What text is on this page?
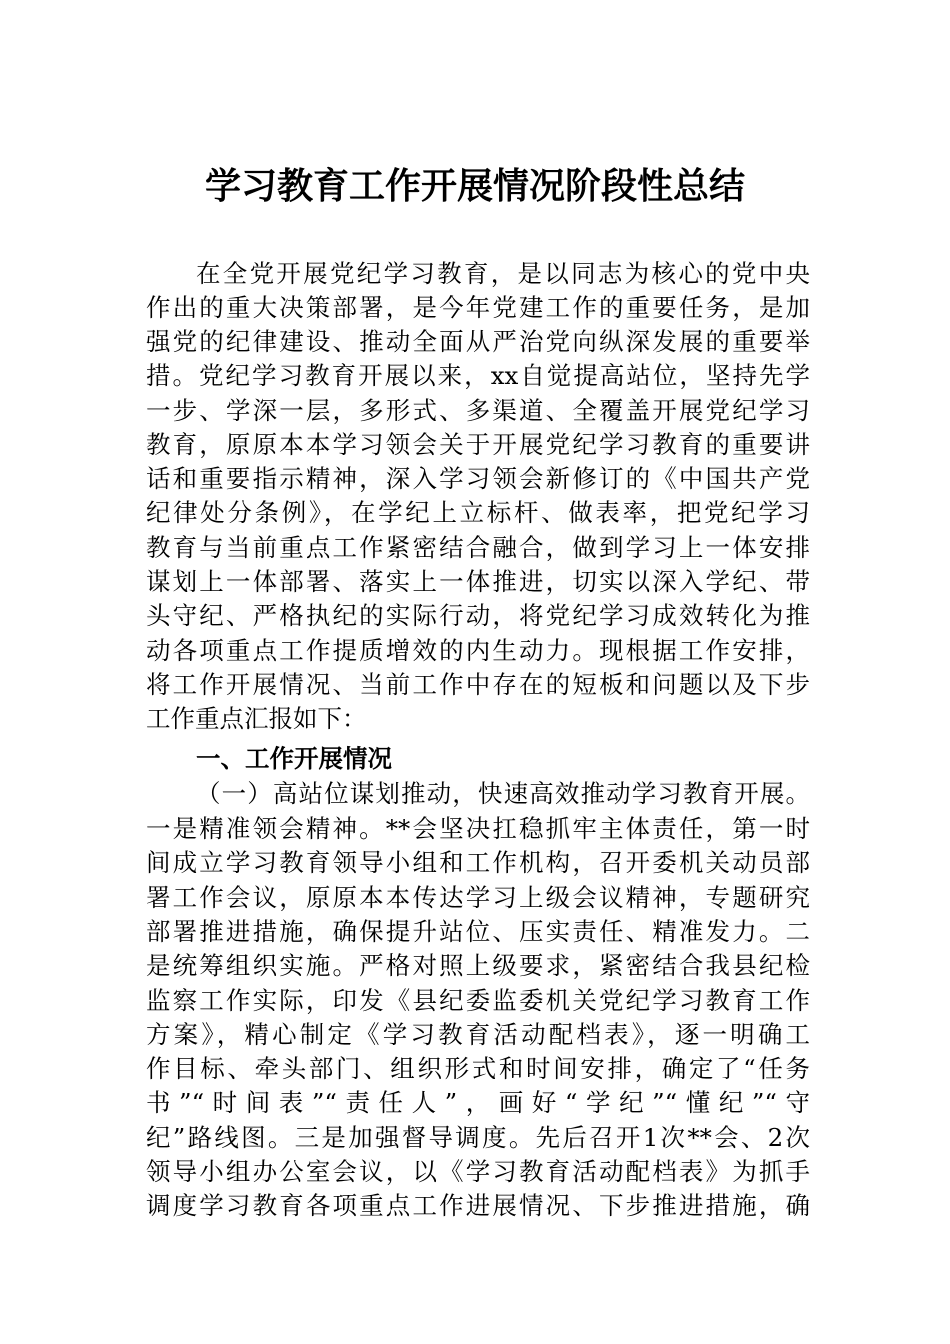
学习教育工作开展情况阶段性总结

在全党开展党纪学习教育，是以同志为核心的党中央

作出的重大决策部署，是今年党建工作的重要任务，是加

强党的纪律建设、推动全面从严治党向纵深发展的重要举

措。党纪学习教育开展以来，xx自觉提高站位，坚持先学

一步、学深一层，多形式、多渠道、全覆盖开展党纪学习

教育，原原本本学习领会关于开展党纪学习教育的重要讲

话和重要指示精神，深入学习领会新修订的《中国共产党

纪律处分条例》，在学纪上立标杆、做表率，把党纪学习

教育与当前重点工作紧密结合融合，做到学习上一体安排

谋划上一体部署、落实上一体推进，切实以深入学纪、带

头守纪、严格执纪的实际行动，将党纪学习成效转化为推

动各项重点工作提质增效的内生动力。现根据工作安排，

将工作开展情况、当前工作中存在的短板和问题以及下步

工作重点汇报如下：

一、工作开展情况

（一）高站位谋划推动，快速高效推动学习教育开展。

一是精准领会精神。**会坚决扛稳抓牢主体责任，第一时

间成立学习教育领导小组和工作机构，召开委机关动员部

署工作会议，原原本本传达学习上级会议精神，专题研究

部署推进措施，确保提升站位、压实责任、精准发力。二

是统筹组织实施。严格对照上级要求，紧密结合我县纪检

监察工作实际，印发《县纪委监委机关党纪学习教育工作

方案》，精心制定《学习教育活动配档表》，逐一明确工

作目标、牵头部门、组织形式和时间安排，确定了“任务

书”“时间表”“责任人”，画好“学纪”“懂纪”“守

纪”路线图。三是加强督导调度。先后召开1次**会、2次

领导小组办公室会议，以《学习教育活动配档表》为抓手

调度学习教育各项重点工作进展情况、下步推进措施，确
